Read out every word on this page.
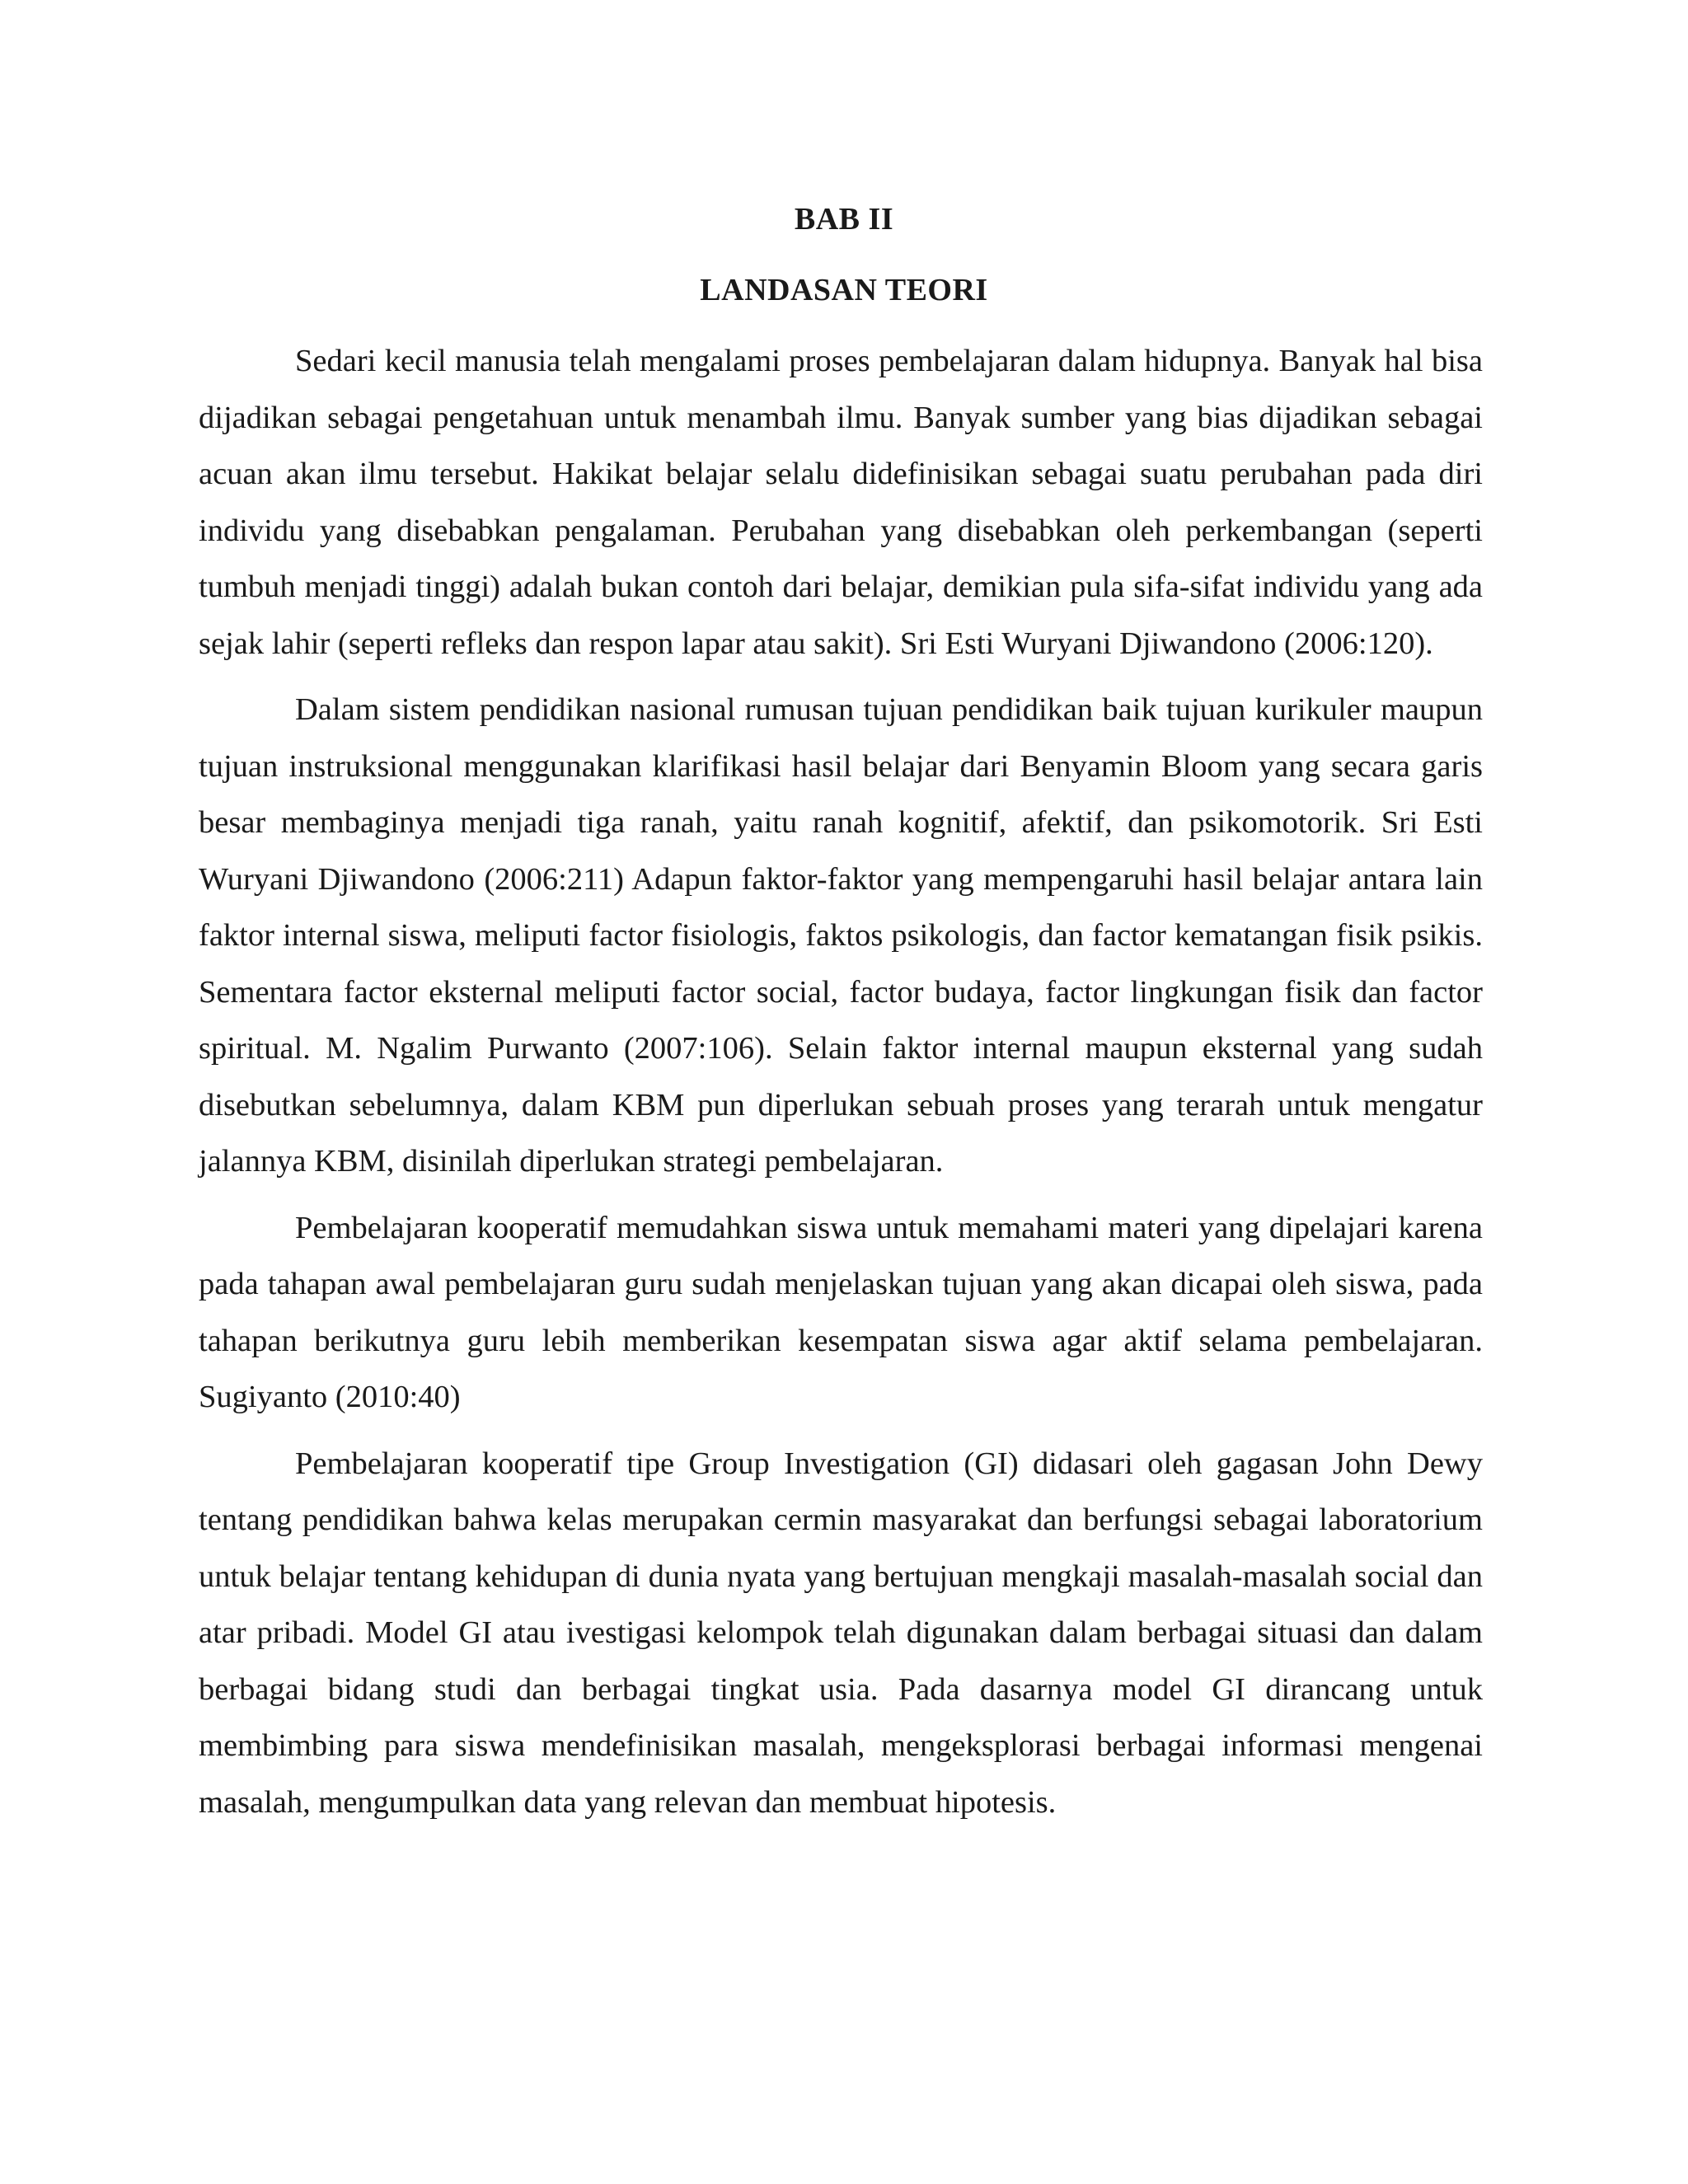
BAB II
LANDASAN TEORI

Sedari kecil manusia telah mengalami proses pembelajaran dalam hidupnya. Banyak hal bisa dijadikan sebagai pengetahuan untuk menambah ilmu. Banyak sumber yang bias dijadikan sebagai acuan akan ilmu tersebut. Hakikat belajar selalu didefinisikan sebagai suatu perubahan pada diri individu yang disebabkan pengalaman. Perubahan yang disebabkan oleh perkembangan (seperti tumbuh menjadi tinggi) adalah bukan contoh dari belajar, demikian pula sifa-sifat individu yang ada sejak lahir (seperti refleks dan respon lapar atau sakit). Sri Esti Wuryani Djiwandono (2006:120).

Dalam sistem pendidikan nasional rumusan tujuan pendidikan baik tujuan kurikuler maupun tujuan instruksional menggunakan klarifikasi hasil belajar dari Benyamin Bloom yang secara garis besar membaginya menjadi tiga ranah, yaitu ranah kognitif, afektif, dan psikomotorik. Sri Esti Wuryani Djiwandono (2006:211) Adapun faktor-faktor yang mempengaruhi hasil belajar antara lain faktor internal siswa, meliputi factor fisiologis, faktos psikologis, dan factor kematangan fisik psikis. Sementara factor eksternal meliputi factor social, factor budaya, factor lingkungan fisik dan factor spiritual. M. Ngalim Purwanto (2007:106). Selain faktor internal maupun eksternal yang sudah disebutkan sebelumnya, dalam KBM pun diperlukan sebuah proses yang terarah untuk mengatur jalannya KBM, disinilah diperlukan strategi pembelajaran.

Pembelajaran kooperatif memudahkan siswa untuk memahami materi yang dipelajari karena pada tahapan awal pembelajaran guru sudah menjelaskan tujuan yang akan dicapai oleh siswa, pada tahapan berikutnya guru lebih memberikan kesempatan siswa agar aktif selama pembelajaran. Sugiyanto (2010:40)

Pembelajaran kooperatif tipe Group Investigation (GI) didasari oleh gagasan John Dewy tentang pendidikan bahwa kelas merupakan cermin masyarakat dan berfungsi sebagai laboratorium untuk belajar tentang kehidupan di dunia nyata yang bertujuan mengkaji masalah-masalah social dan atar pribadi. Model GI atau ivestigasi kelompok telah digunakan dalam berbagai situasi dan dalam berbagai bidang studi dan berbagai tingkat usia. Pada dasarnya model GI dirancang untuk membimbing para siswa mendefinisikan masalah, mengeksplorasi berbagai informasi mengenai masalah, mengumpulkan data yang relevan dan membuat hipotesis.
